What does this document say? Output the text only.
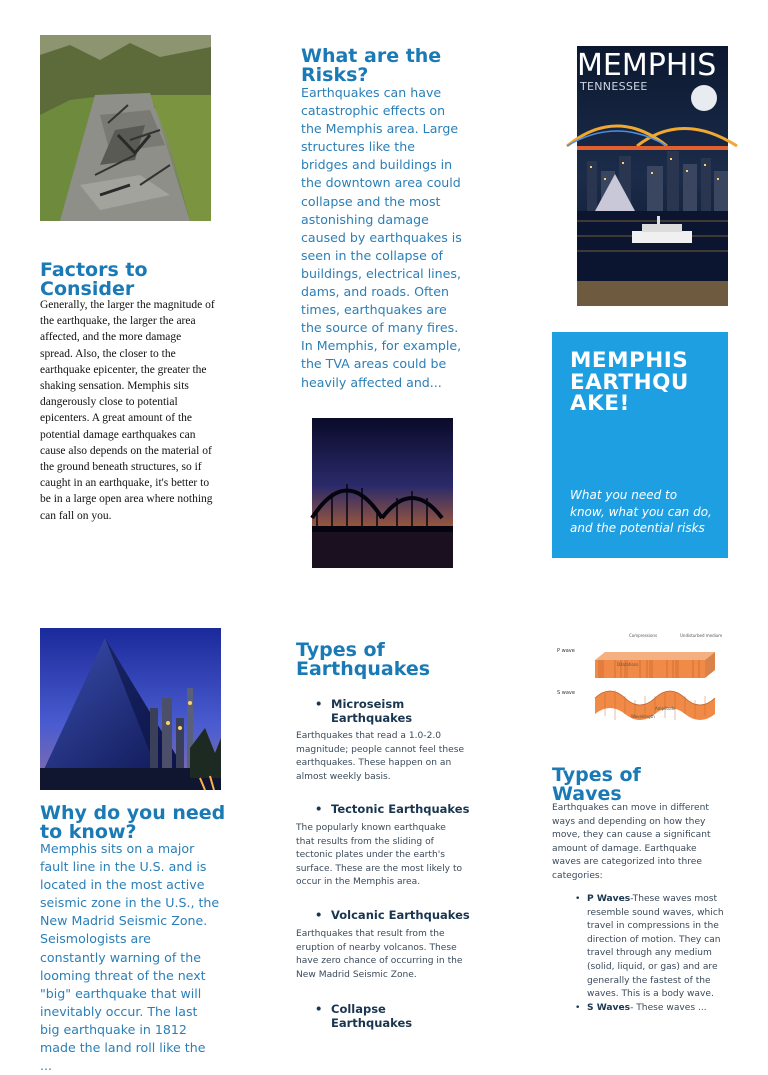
Factors to Consider

Generally, the larger the magnitude of the earthquake, the larger the area affected, and the more damage spread. Also, the closer to the earthquake epicenter, the greater the shaking sensation. Memphis sits dangerously close to potential epicenters. A great amount of the potential damage earthquakes can cause also depends on the material of the ground beneath structures, so if caught in an earthquake, it's better to be in a large open area where nothing can fall on you.

Why do you need to know?

Memphis sits on a major fault line in the U.S. and is located in the most active seismic zone in the U.S., the New Madrid Seismic Zone. Seismologists are constantly warning of the looming threat of the next "big" earthquake that will inevitably occur. The last big earthquake in 1812 made the land roll like the ...

What are the Risks?

Earthquakes can have catastrophic effects on the Memphis area. Large structures like the bridges and buildings in the downtown area could collapse and the most astonishing damage caused by earthquakes is seen in the collapse of buildings, electrical lines, dams, and roads. Often times, earthquakes are the source of many fires. In Memphis, for example, the TVA areas could be heavily affected and...

Types of Earthquakes
• Microseism Earthquakes

Earthquakes that read a 1.0-2.0 magnitude; people cannot feel these earthquakes. These happen on an almost weekly basis.

• Tectonic Earthquakes

The popularly known earthquake that results from the sliding of tectonic plates under the earth's surface. These are the most likely to occur in the Memphis area.

• Volcanic Earthquakes

Earthquakes that result from the eruption of nearby volcanos. These have zero chance of occurring in the New Madrid Seismic Zone.

• Collapse Earthquakes
MEMPHIS
TENNESSEE
MEMPHIS
EARTHQU
AKE!
What you need to know, what you can do, and the potential risks
Compressions	Undisturbed medium
P wave
Dilatations
S wave
Amplitude
Wavelength
Types of Waves

Earthquakes can move in different ways and depending on how they move, they can cause a significant amount of damage. Earthquake waves are categorized into three categories:

• P Waves-These waves most resemble sound waves, which travel in compressions in the direction of motion. They can travel through any medium (solid, liquid, or gas) and are generally the fastest of the waves. This is a body wave.
• S Waves- These waves ...
